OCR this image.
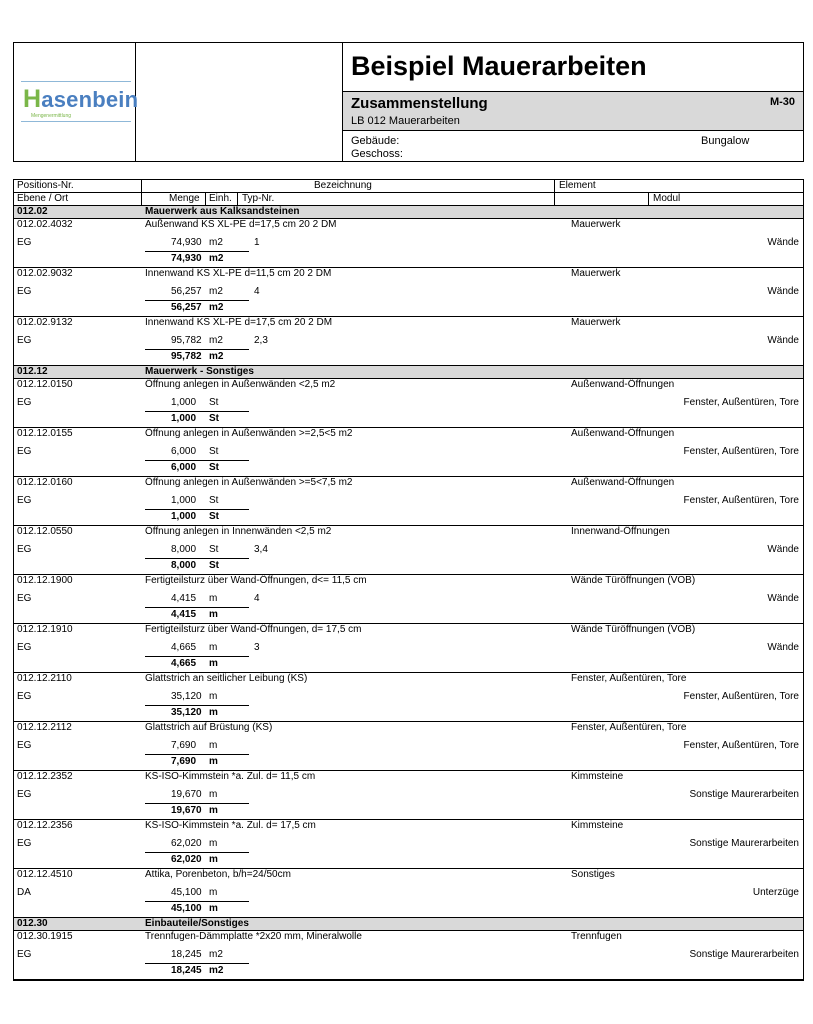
Hasenbein
Mengenermittlung
Beispiel Mauerarbeiten
Zusammenstellung	M-30
LB 012 Mauerarbeiten
Gebäude:	Bungalow
Geschoss:
Positions-Nr.	Bezeichnung	Element
Ebene / Ort	Menge Einh. Typ-Nr.	Modul
012.02	Mauerwerk aus Kalksandsteinen
012.02.4032	Außenwand KS XL-PE d=17,5 cm 20 2 DM	Mauerwerk
EG	74,930 m2	1	Wände
74,930 m2
012.02.9032	Innenwand KS XL-PE d=11,5 cm 20 2 DM	Mauerwerk
EG	56,257 m2	4	Wände
56,257 m2
012.02.9132	Innenwand KS XL-PE d=17,5 cm 20 2 DM	Mauerwerk
EG	95,782 m2	2,3	Wände
95,782 m2
012.12	Mauerwerk - Sonstiges
012.12.0150	Öffnung anlegen in Außenwänden <2,5 m2	Außenwand-Öffnungen
EG	1,000 St	Fenster, Außentüren, Tore
1,000 St
012.12.0155	Öffnung anlegen in Außenwänden >=2,5<5 m2	Außenwand-Öffnungen
EG	6,000 St	Fenster, Außentüren, Tore
6,000 St
012.12.0160	Öffnung anlegen in Außenwänden >=5<7,5 m2	Außenwand-Öffnungen
EG	1,000 St	Fenster, Außentüren, Tore
1,000 St
012.12.0550	Öffnung anlegen in Innenwänden <2,5 m2	Innenwand-Öffnungen
EG	8,000 St	3,4	Wände
8,000 St
012.12.1900	Fertigteilsturz über Wand-Öffnungen, d<= 11,5 cm	Wände Türöffnungen (VOB)
EG	4,415 m	4	Wände
4,415 m
012.12.1910	Fertigteilsturz über Wand-Öffnungen, d= 17,5 cm	Wände Türöffnungen (VOB)
EG	4,665 m	3	Wände
4,665 m
012.12.2110	Glattstrich an seitlicher Leibung (KS)	Fenster, Außentüren, Tore
EG	35,120 m	Fenster, Außentüren, Tore
35,120 m
012.12.2112	Glattstrich auf Brüstung (KS)	Fenster, Außentüren, Tore
EG	7,690 m	Fenster, Außentüren, Tore
7,690 m
012.12.2352	KS-ISO-Kimmstein *a. Zul. d= 11,5 cm	Kimmsteine
EG	19,670 m	Sonstige Maurerarbeiten
19,670 m
012.12.2356	KS-ISO-Kimmstein *a. Zul. d= 17,5 cm	Kimmsteine
EG	62,020 m	Sonstige Maurerarbeiten
62,020 m
012.12.4510	Attika, Porenbeton, b/h=24/50cm	Sonstiges
DA	45,100 m	Unterzüge
45,100 m
012.30	Einbauteile/Sonstiges
012.30.1915	Trennfugen-Dämmplatte *2x20 mm, Mineralwolle	Trennfugen
EG	18,245 m2	Sonstige Maurerarbeiten
18,245 m2
